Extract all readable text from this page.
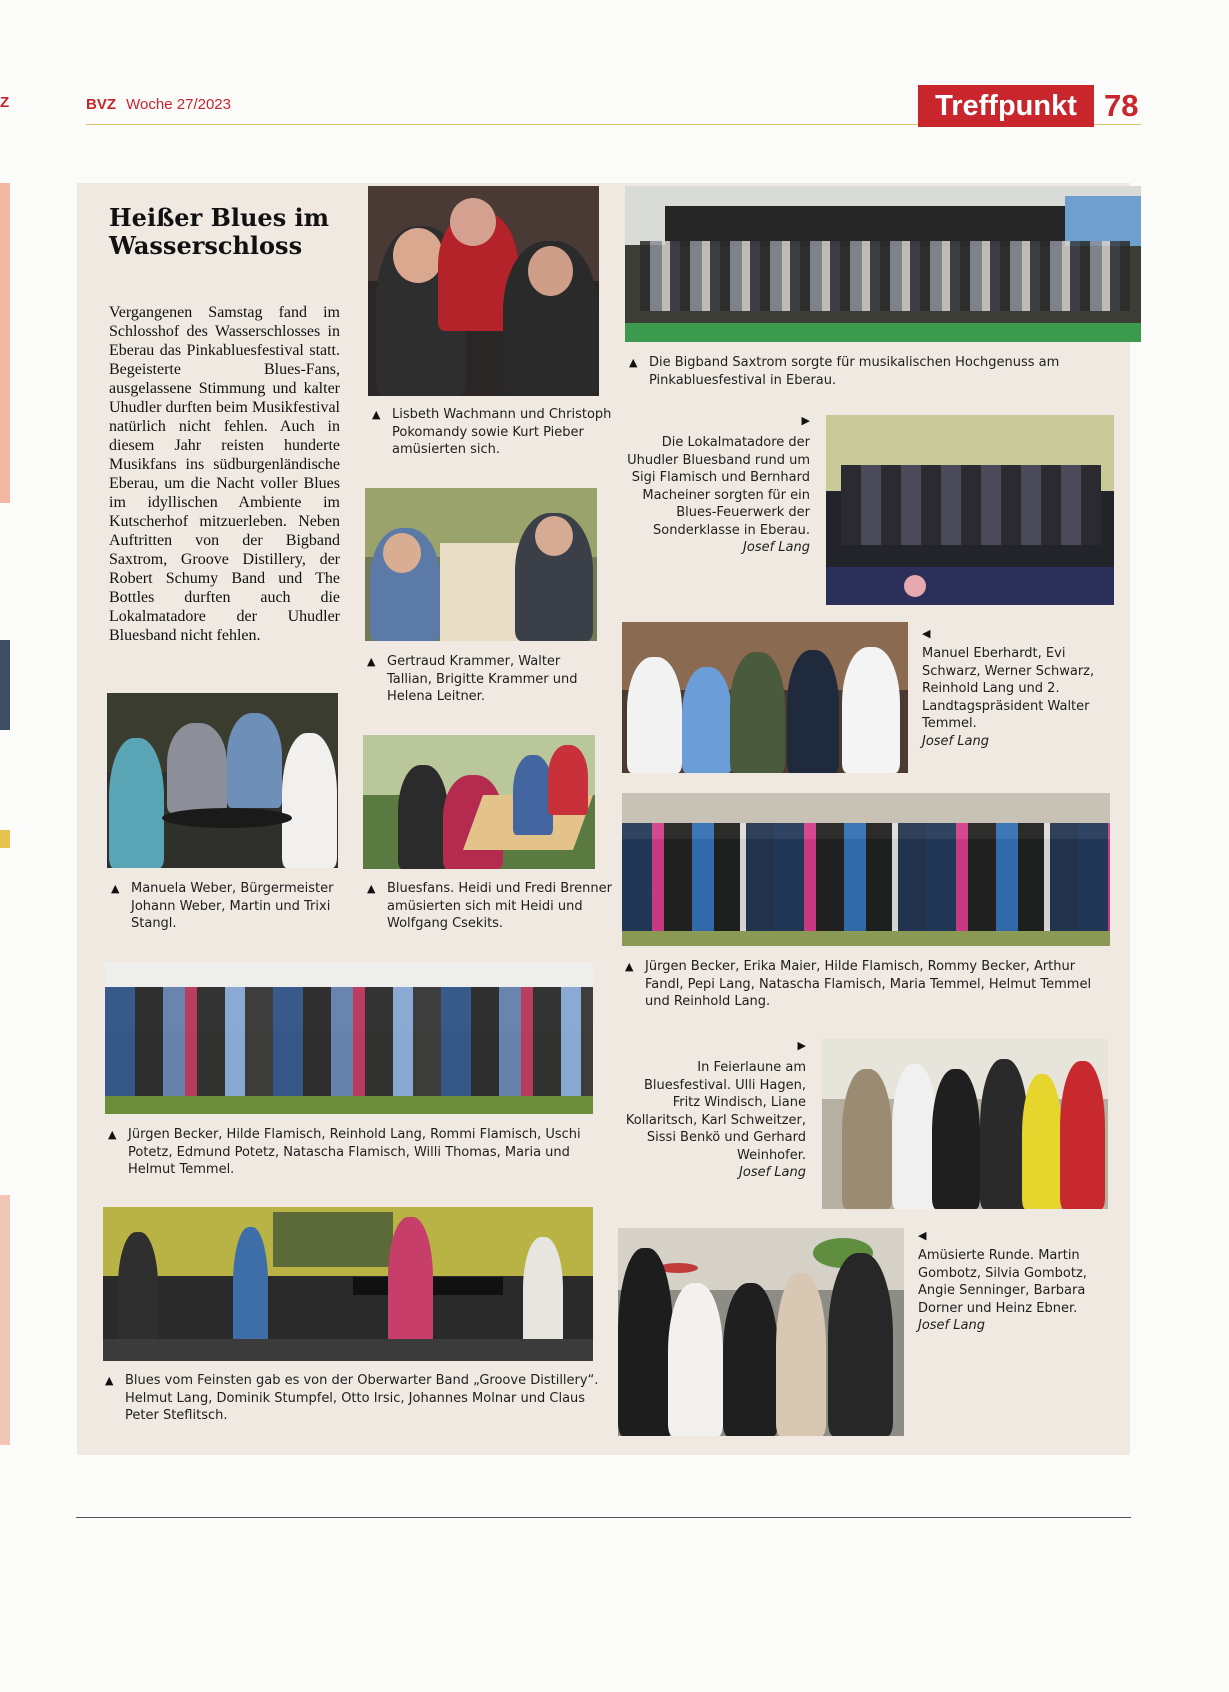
Z	BVZ Woche 27/2023	Treffpunkt 78
Heißer Blues im Wasserschloss

Vergangenen Samstag fand im Schlosshof des Wasserschlosses in Eberau das Pinkabluesfestival statt. Begeisterte Blues-Fans, ausgelassene Stimmung und kalter Uhudler durften beim Musikfestival natürlich nicht fehlen. Auch in diesem Jahr reisten hunderte Musikfans ins südburgenländische Eberau, um die Nacht voller Blues im idyllischen Ambiente im Kutscherhof mitzuerleben. Neben Auftritten von der Bigband Saxtrom, Groove Distillery, der Robert Schumy Band und The Bottles durften auch die Lokalmatadore der Uhudler Bluesband nicht fehlen.

▲ Lisbeth Wachmann und Christoph Pokomandy sowie Kurt Pieber amüsierten sich.
▲ Die Bigband Saxtrom sorgte für musikalischen Hochgenuss am Pinkabluesfestival in Eberau.
▶
Die Lokalmatadore der Uhudler Bluesband rund um Sigi Flamisch und Bernhard Macheiner sorgten für ein Blues-Feuerwerk der Sonderklasse in Eberau.
Josef Lang
▲ Gertraud Krammer, Walter Tallian, Brigitte Krammer und Helena Leitner.
◀
Manuel Eberhardt, Evi Schwarz, Werner Schwarz, Reinhold Lang und 2. Landtagspräsident Walter Temmel.
Josef Lang
▲ Manuela Weber, Bürgermeister Johann Weber, Martin und Trixi Stangl.
▲ Bluesfans. Heidi und Fredi Brenner amüsierten sich mit Heidi und Wolfgang Csekits.
▲ Jürgen Becker, Erika Maier, Hilde Flamisch, Rommy Becker, Arthur Fandl, Pepi Lang, Natascha Flamisch, Maria Temmel, Helmut Temmel und Reinhold Lang.
▲ Jürgen Becker, Hilde Flamisch, Reinhold Lang, Rommi Flamisch, Uschi Potetz, Edmund Potetz, Natascha Flamisch, Willi Thomas, Maria und Helmut Temmel.
▶
In Feierlaune am Bluesfestival. Ulli Hagen, Fritz Windisch, Liane Kollaritsch, Karl Schweitzer, Sissi Benkö und Gerhard Weinhofer.
Josef Lang
▲ Blues vom Feinsten gab es von der Oberwarter Band „Groove Distillery“. Helmut Lang, Dominik Stumpfel, Otto Irsic, Johannes Molnar und Claus Peter Steflitsch.
◀
Amüsierte Runde. Martin Gombotz, Silvia Gombotz, Angie Senninger, Barbara Dorner und Heinz Ebner.
Josef Lang
